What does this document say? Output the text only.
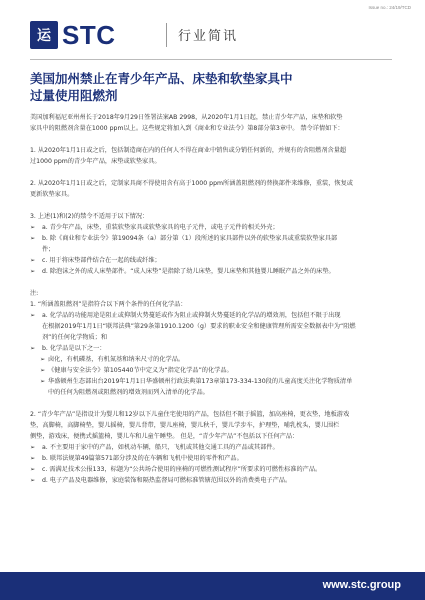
Issue no.: 24/19/TCD
运 STC	行业简讯
美国加州禁止在青少年产品、床垫和软垫家具中
过量使用阻燃剂

美国加利福尼亚州州长于2018年9月29日签署法案AB 2998，从2020年1月1日起，禁止青少年产品，床垫和软垫

家具中的阻燃剂含量在1000 ppm以上。这些规定将加入到《商业和专业法令》第8部分第3章中。 禁令详情如下：

1. 从2020年1月1日或之后，包括制造商在内的任何人不得在商业中销售或分销任何新的，并规有的含阻燃剂含量超

过1000 ppm的青少年产品，床垫或软垫家具。

2. 从2020年1月1日或之后，定制家具商不得使用含有高于1000 ppm所涵盖阻燃剂的替换部件来维修，重装，恢复或

更新软垫家具。

3. 上述(1)和(2)的禁令不适用于以下情况：

➢	a. 青少年产品，床垫，重装软垫家具或软垫家具的电子元件，或电子元件的相关外壳；
➢	b. 除《商业和专业法令》第19094条（a）部分第（1）段所述的家具部件以外的软垫家具或重装软垫家具部
件；
➢	c. 用于将床垫部件结合在一起的线或纤维；
➢	d. 除泡沫之外的成人床垫部件。“成人床垫”是指除了幼儿床垫，婴儿床垫和其他婴儿睡眠产品之外的床垫。

注:

1. “所涵盖阻燃剂”是指符合以下两个条件的任何化学品：

➢	a. 化学品的功能用途是阻止或抑制火势蔓延或作为阻止或抑制火势蔓延的化学品的增效剂，包括但不限于出现
在根据2019年1月1日“联邦法典”第29条第1910.1200（g）要求的职业安全和健康管理所需安全数据表中为“阻燃
剂”的任何化学物质；和
➢	b. 化学品是以下之一：
➢ 卤化，有机磷基，有机氮基和纳米尺寸的化学品。
➢ 《健康与安全法令》第105440节中定义为“指定化学品”的化学品。
➢ 华盛顿州生态部出台2019年1月1日华盛顿州行政法典第173章第173-334-130段的儿童高度关注化学物质清单
中的任何为阻燃剂或阻燃剂的增效剂而列入清单的化学品。

2. “青少年产品”是指设计为婴儿和12岁以下儿童住宅使用的产品，包括但不限于摇篮，加高座椅，更衣垫，地板游戏

垫，高脚椅，高脚椅垫，婴儿摇椅，婴儿背带，婴儿座椅，婴儿秋千，婴儿学步车，护理垫，哺乳枕头，婴儿围栏

侧垫，游戏床，便携式摇篮椅，婴儿车和儿童午睡垫。 但是，“青少年产品”不包括以下任何产品：

➢	a. 不主要用于家中的产品，如机动车辆，船只，飞机或其他交通工具的产品或其部件。
➢	b. 联邦法规第49篇第571部分涉及的在车辆和飞机中使用的零件和产品。
➢	c. 需满足技术公报133，标题为“公共场合使用的座椅的可燃性测试程序”所要求的可燃性标准的产品。
➢	d. 电子产品及电器维修，家庭装饰和隔热监督局可燃标准管辖范围以外的消费类电子产品。
www.stc.group
